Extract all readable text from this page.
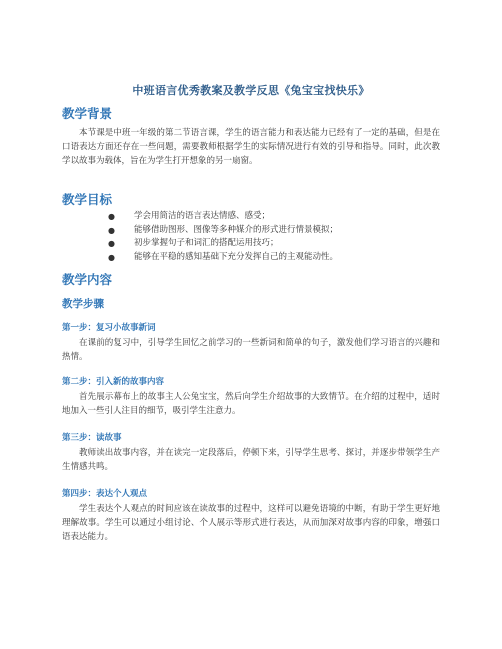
中班语言优秀教案及教学反思《兔宝宝找快乐》
教学背景

本节课是中班一年级的第二节语言课，学生的语言能力和表达能力已经有了一定的基础，但是在口语表达方面还存在一些问题，需要教师根据学生的实际情况进行有效的引导和指导。同时，此次教学以故事为载体，旨在为学生打开想象的另一扇窗。

教学目标
● 学会用简洁的语言表达情感、感受；
● 能够借助图形、图像等多种媒介的形式进行情景模拟；
● 初步掌握句子和词汇的搭配运用技巧；
● 能够在平稳的感知基础下充分发挥自己的主观能动性。
教学内容
教学步骤
第一步：复习小故事新词

在课前的复习中，引导学生回忆之前学习的一些新词和简单的句子，激发他们学习语言的兴趣和热情。

第二步：引入新的故事内容

首先展示幕布上的故事主人公兔宝宝，然后向学生介绍故事的大致情节。在介绍的过程中，适时地加入一些引人注目的细节，吸引学生注意力。

第三步：读故事

教师读出故事内容，并在读完一定段落后，停顿下来，引导学生思考、探讨，并逐步带领学生产生情感共鸣。

第四步：表达个人观点

学生表达个人观点的时间应该在读故事的过程中，这样可以避免语境的中断，有助于学生更好地理解故事。学生可以通过小组讨论、个人展示等形式进行表达，从而加深对故事内容的印象，增强口语表达能力。
